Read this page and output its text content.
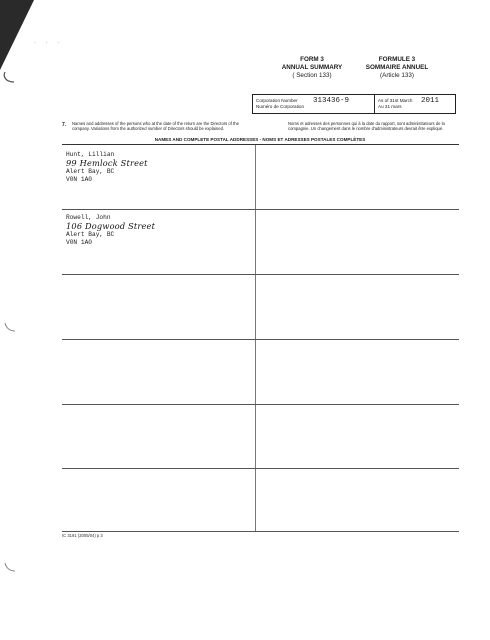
· · ·
FORM 3
ANNUAL SUMMARY
( Section 133)
FORMULE 3
SOMMAIRE ANNUEL
(Article 133)
Corporation Number
Numéro de Corporation
313436-9	As of 31st March
Au 31 mars
2011
7. Names and addresses of the persons who at the date of the return are the Directors of the company. Variations from the authorized number of Directors should be explained.
Noms et adresses des personnes qui à la date du rapport, sont administrateurs de la compagnie. Un changement dans le nombre d'administrateurs devrait être expliqué.
NAMES AND COMPLETE POSTAL ADDRESSES - NOMS ET ADRESSES POSTALES COMPLÈTES
Hunt, Lillian
99 Hemlock Street
Alert Bay, BC
V0N 1A0
Rowell, John
106 Dogwood Street
Alert Bay, BC
V0N 1A0
IC 3191 (2005/04) p 3
